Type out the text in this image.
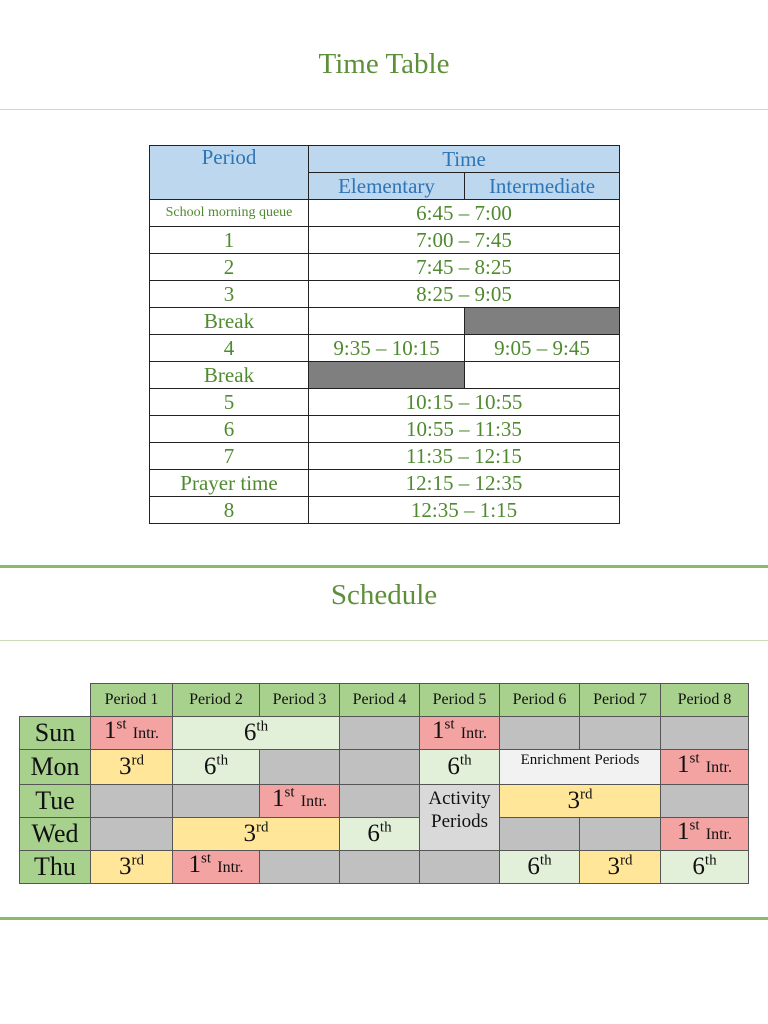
Time Table
Period	Time	
	Elementary	Intermediate
School morning queue	6:45 – 7:00	
1	7:00 – 7:45	
2	7:45 – 8:25	
3	8:25 – 9:05	
Break		
4	9:35 – 10:15	9:05 – 9:45
Break		
5	10:15 – 10:55	
6	10:55 – 11:35	
7	11:35 – 12:15	
Prayer time	12:15 – 12:35	
8	12:35 – 1:15	
Schedule
	Period 1	Period 2	Period 3	Period 4	Period 5	Period 6	Period 7	Period 8
Sun	1st Intr.	6th			1st Intr.			
Mon	3rd	6th			6th	Enrichment Periods		1st Intr.
Tue			1st Intr.		Activity Periods	3rd	
Wed		3rd		6th				1st Intr.
Thu	3rd	1st Intr.				6th	3rd	6th
